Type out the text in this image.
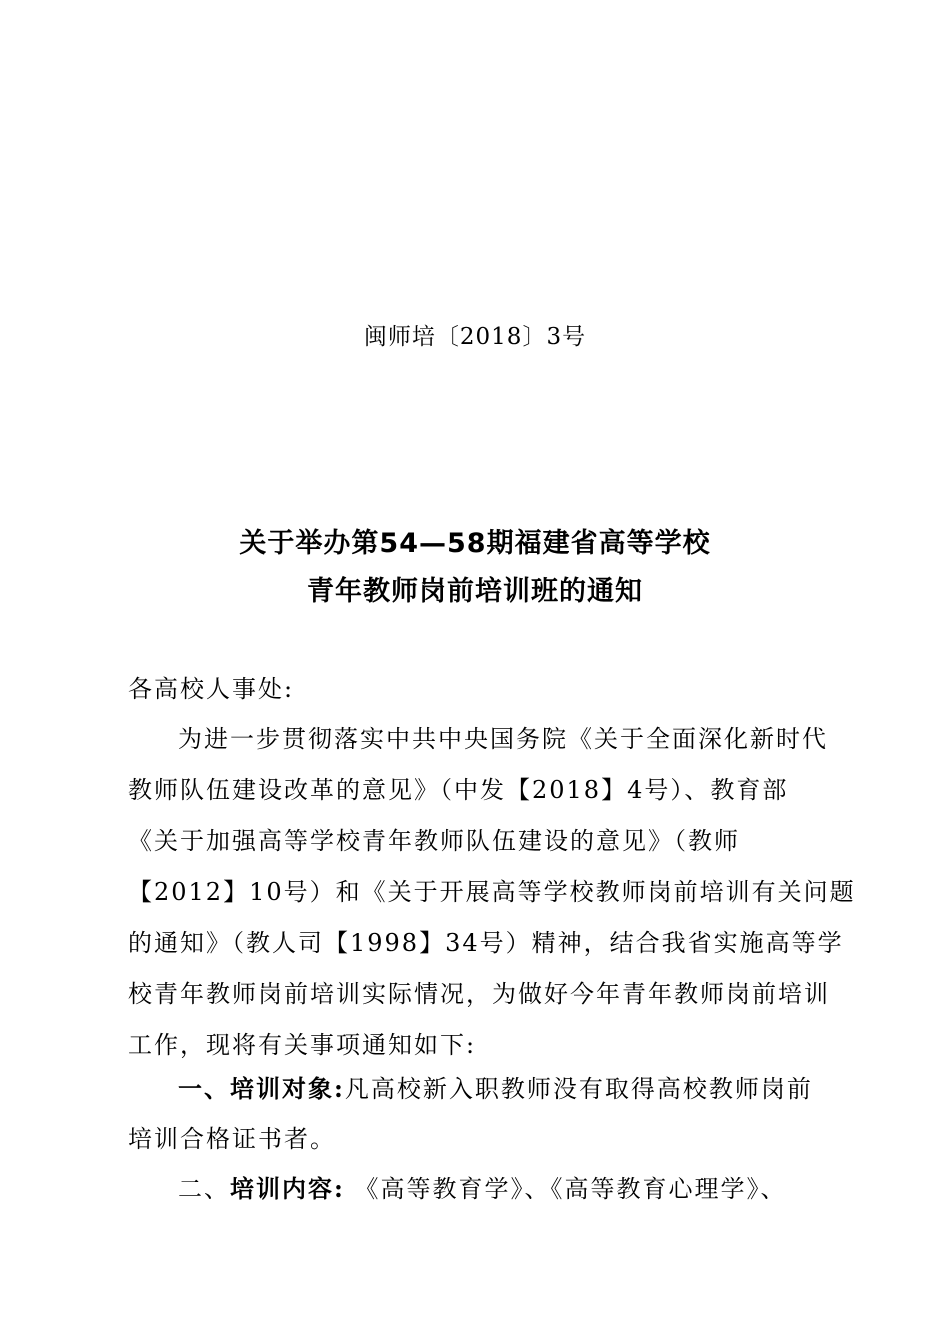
闽师培〔2018〕3号
关于举办第54—58期福建省高等学校
青年教师岗前培训班的通知
各高校人事处:
为进一步贯彻落实中共中央国务院《关于全面深化新时代
教师队伍建设改革的意见》（中发【2018】4号）、教育部
《关于加强高等学校青年教师队伍建设的意见》（教师
【2012】10号）和《关于开展高等学校教师岗前培训有关问题
的通知》（教人司【1998】34号）精神，结合我省实施高等学
校青年教师岗前培训实际情况，为做好今年青年教师岗前培训
工作，现将有关事项通知如下:
一、培训对象:凡高校新入职教师没有取得高校教师岗前
培训合格证书者。
二、培训内容: 《高等教育学》、《高等教育心理学》、
